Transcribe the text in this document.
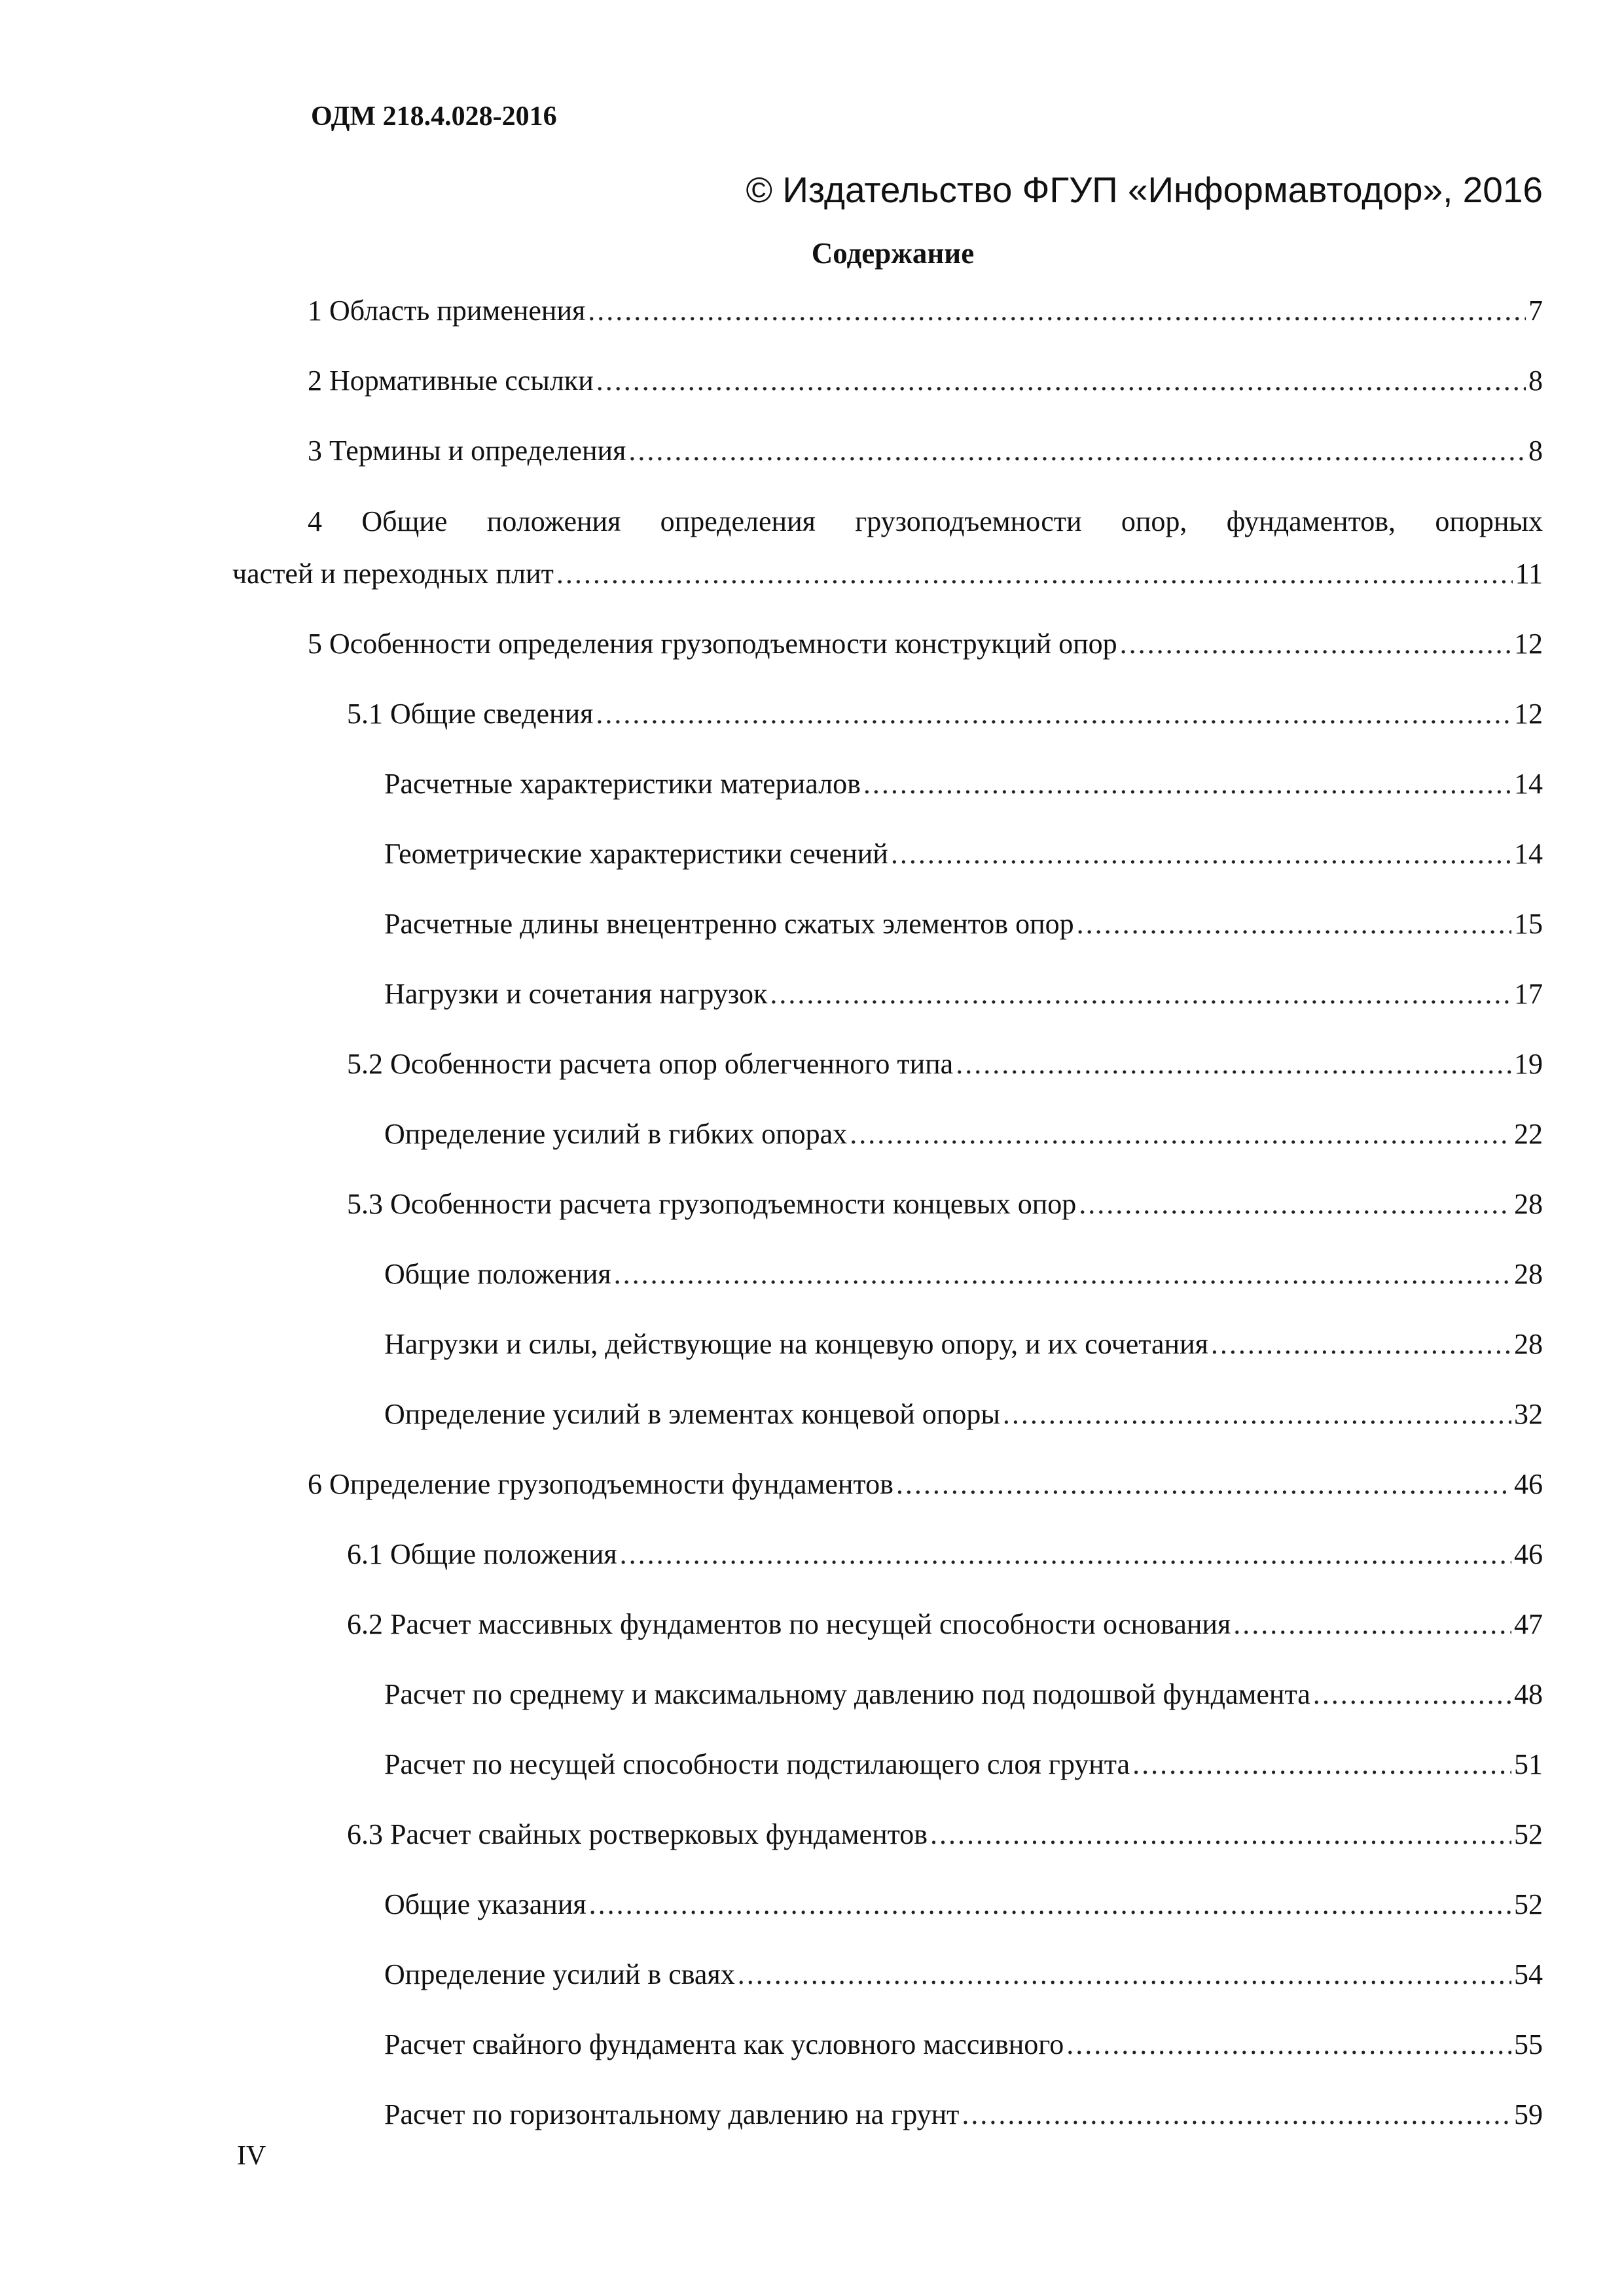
ОДМ 218.4.028-2016
© Издательство ФГУП «Информавтодор», 2016
Содержание
1 Область применения .....	7
2 Нормативные ссылки .....	8
3 Термины и определения .....	8
4 Общие положения определения грузоподъемности опор, фундаментов, опорных
частей и переходных плит .....	11
5 Особенности определения грузоподъемности конструкций опор .....	12
5.1 Общие сведения .....	12
Расчетные характеристики материалов .....	14
Геометрические характеристики сечений .....	14
Расчетные длины внецентренно сжатых элементов опор .....	15
Нагрузки и сочетания нагрузок .....	17
5.2 Особенности расчета опор облегченного типа .....	19
Определение усилий в гибких опорах .....	22
5.3 Особенности расчета грузоподъемности концевых опор .....	28
Общие положения .....	28
Нагрузки и силы, действующие на концевую опору, и их сочетания .....	28
Определение усилий в элементах концевой опоры .....	32
6 Определение грузоподъемности фундаментов .....	46
6.1 Общие положения .....	46
6.2 Расчет массивных фундаментов по несущей способности основания .....	47
Расчет по среднему и максимальному давлению под подошвой фундамента .....	48
Расчет по несущей способности подстилающего слоя грунта .....	51
6.3 Расчет свайных ростверковых фундаментов .....	52
Общие указания .....	52
Определение усилий в сваях .....	54
Расчет свайного фундамента как условного массивного .....	55
Расчет по горизонтальному давлению на грунт .....	59
IV
